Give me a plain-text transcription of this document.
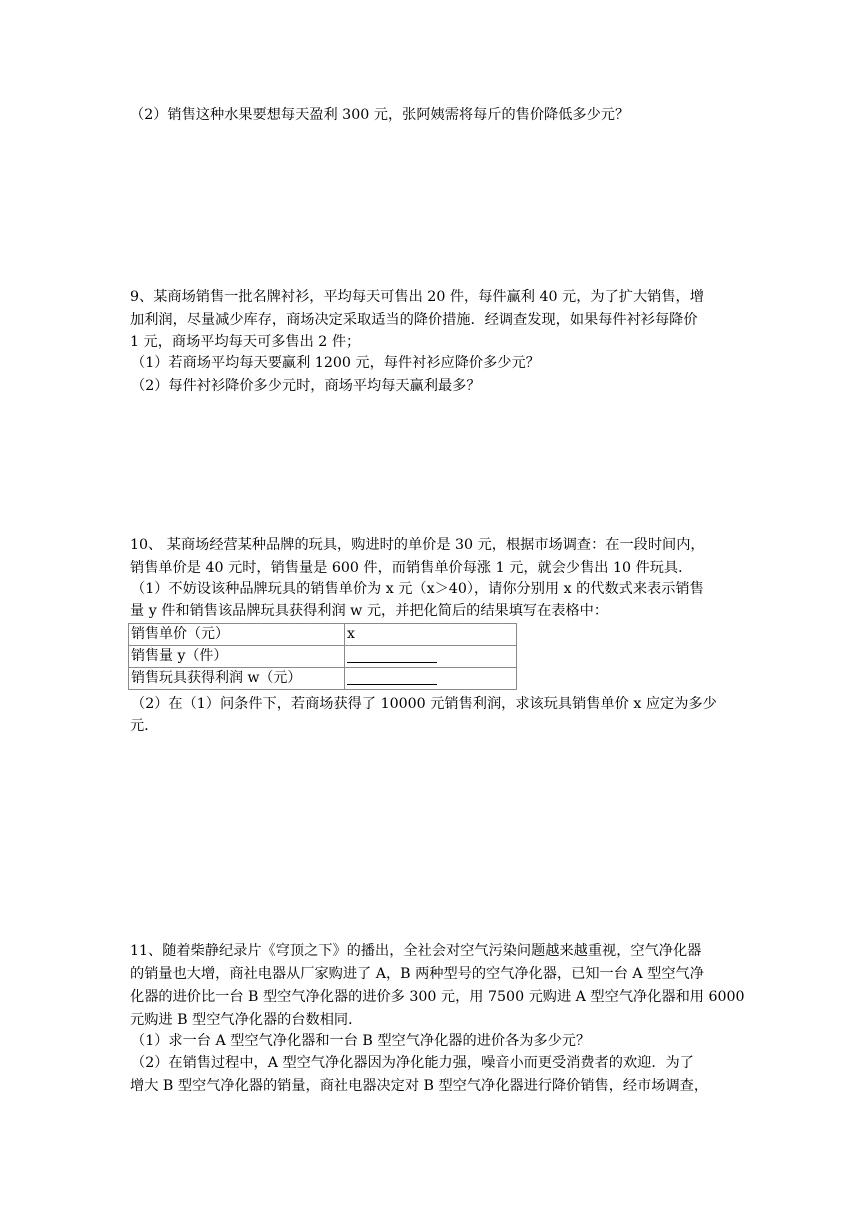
（2）销售这种水果要想每天盈利 300 元，张阿姨需将每斤的售价降低多少元？
9、某商场销售一批名牌衬衫，平均每天可售出 20 件，每件赢利 40 元，为了扩大销售，增
加利润，尽量减少库存，商场决定采取适当的降价措施．经调查发现，如果每件衬衫每降价
1 元，商场平均每天可多售出 2 件；
（1）若商场平均每天要赢利 1200 元，每件衬衫应降价多少元？
（2）每件衬衫降价多少元时，商场平均每天赢利最多？
10、 某商场经营某种品牌的玩具，购进时的单价是 30 元，根据市场调查：在一段时间内，
销售单价是 40 元时，销售量是 600 件，而销售单价每涨 1 元，就会少售出 10 件玩具．
（1）不妨设该种品牌玩具的销售单价为 x 元（x＞40），请你分别用 x 的代数式来表示销售
量 y 件和销售该品牌玩具获得利润 w 元，并把化简后的结果填写在表格中：
销售单价（元）	x
销售量 y（件）	
销售玩具获得利润 w（元）	
（2）在（1）问条件下，若商场获得了 10000 元销售利润，求该玩具销售单价 x 应定为多少
元．
11、随着柴静纪录片《穹顶之下》的播出，全社会对空气污染问题越来越重视，空气净化器
的销量也大增，商社电器从厂家购进了 A，B 两种型号的空气净化器，已知一台 A 型空气净
化器的进价比一台 B 型空气净化器的进价多 300 元，用 7500 元购进 A 型空气净化器和用 6000
元购进 B 型空气净化器的台数相同．
（1）求一台 A 型空气净化器和一台 B 型空气净化器的进价各为多少元？
（2）在销售过程中，A 型空气净化器因为净化能力强，噪音小而更受消费者的欢迎．为了
增大 B 型空气净化器的销量，商社电器决定对 B 型空气净化器进行降价销售，经市场调查，
